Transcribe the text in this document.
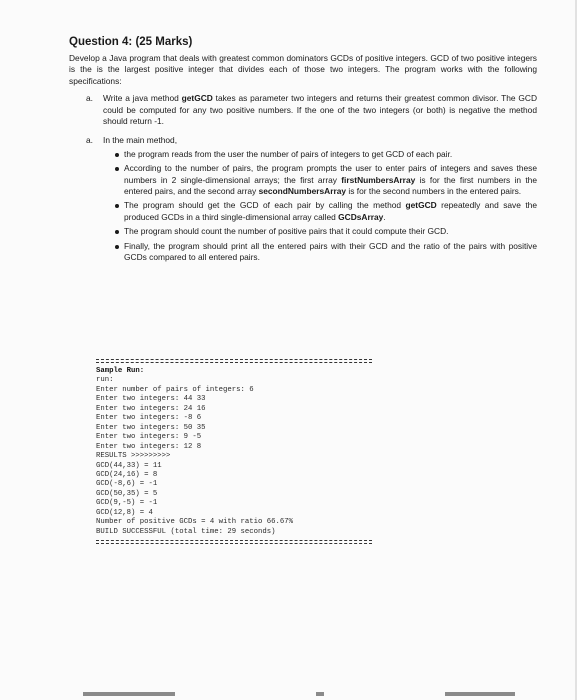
Question 4: (25 Marks)
Develop a Java program that deals with greatest common dominators GCDs of positive integers. GCD of two positive integers is the is the largest positive integer that divides each of those two integers. The program works with the following specifications:
a. Write a java method getGCD takes as parameter two integers and returns their greatest common divisor. The GCD could be computed for any two positive numbers. If the one of the two integers (or both) is negative the method should return -1.
a. In the main method,
the program reads from the user the number of pairs of integers to get GCD of each pair.
According to the number of pairs, the program prompts the user to enter pairs of integers and saves these numbers in 2 single-dimensional arrays; the first array firstNumbersArray is for the first numbers in the entered pairs, and the second array secondNumbersArray is for the second numbers in the entered pairs.
The program should get the GCD of each pair by calling the method getGCD repeatedly and save the produced GCDs in a third single-dimensional array called GCDsArray.
The program should count the number of positive pairs that it could compute their GCD.
Finally, the program should print all the entered pairs with their GCD and the ratio of the pairs with positive GCDs compared to all entered pairs.
Sample Run:
run:
Enter number of pairs of integers: 6
Enter two integers: 44 33
Enter two integers: 24 16
Enter two integers: -8 6
Enter two integers: 50 35
Enter two integers: 9 -5
Enter two integers: 12 8
RESULTS >>>>>>>>>
GCD(44,33) = 11
GCD(24,16) = 8
GCD(-8,6) = -1
GCD(50,35) = 5
GCD(9,-5) = -1
GCD(12,8) = 4
Number of positive GCDs = 4 with ratio 66.67%
BUILD SUCCESSFUL (total time: 29 seconds)
